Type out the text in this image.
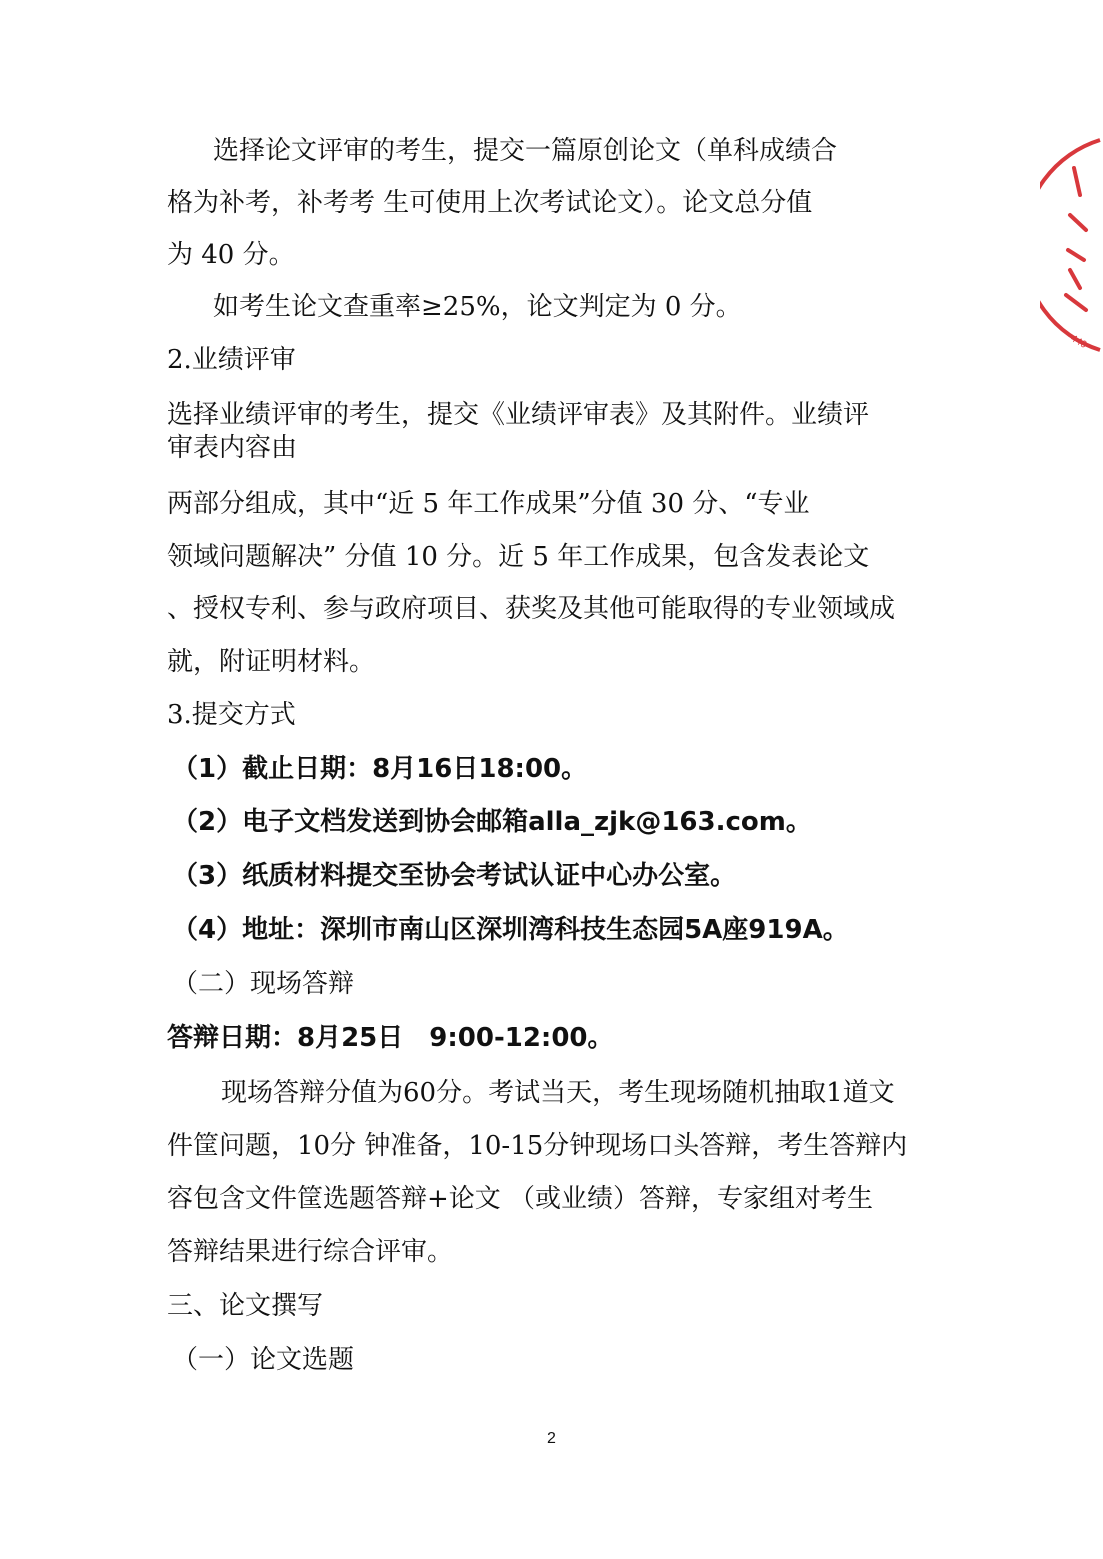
选择论文评审的考生，提交一篇原创论文（单科成绩合

格为补考，补考考 生可使用上次考试论文）。论文总分值

为 40 分。

如考生论文查重率≥25%，论文判定为 0 分。

2.业绩评审

选择业绩评审的考生，提交《业绩评审表》及其附件。业绩评

审表内容由

两部分组成，其中“近 5 年工作成果”分值 30 分、“专业

领域问题解决” 分值 10 分。近 5 年工作成果，包含发表论文

、授权专利、参与政府项目、获奖及其他可能取得的专业领域成

就，附证明材料。

3.提交方式

（1）截止日期：8月16日18:00。

（2）电子文档发送到协会邮箱alla_zjk@163.com。

（3）纸质材料提交至协会考试认证中心办公室。

（4）地址：深圳市南山区深圳湾科技生态园5A座919A。

（二）现场答辩

答辩日期：8月25日　9:00-12:00。

现场答辩分值为60分。考试当天，考生现场随机抽取1道文

件筐问题，10分 钟准备，10-15分钟现场口头答辩，考生答辩内

容包含文件筐选题答辩+论文 （或业绩）答辩，专家组对考生

答辩结果进行综合评审。

三、论文撰写

（一）论文选题

2
440
